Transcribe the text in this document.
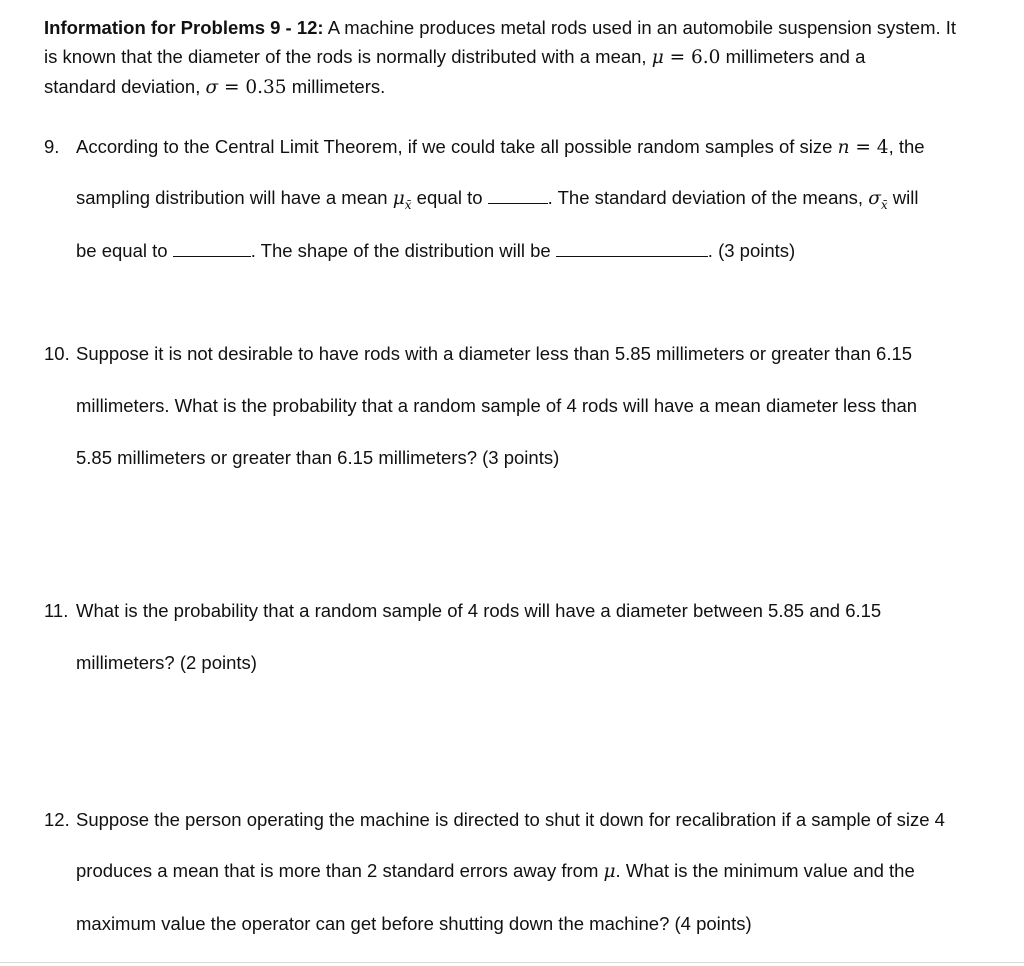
Information for Problems 9 - 12: A machine produces metal rods used in an automobile suspension system. It
is known that the diameter of the rods is normally distributed with a mean, μ = 6.0 millimeters and a
standard deviation, σ = 0.35 millimeters.
9. According to the Central Limit Theorem, if we could take all possible random samples of size n = 4, the
sampling distribution will have a mean $\mu_{x̄}$ equal to	. The standard deviation of the means, $\sigma_{x̄}$ will
be equal to	. The shape of the distribution will be	. (3 points)
10. Suppose it is not desirable to have rods with a diameter less than 5.85 millimeters or greater than 6.15
millimeters. What is the probability that a random sample of 4 rods will have a mean diameter less than
5.85 millimeters or greater than 6.15 millimeters? (3 points)
11. What is the probability that a random sample of 4 rods will have a diameter between 5.85 and 6.15
millimeters? (2 points)
12. Suppose the person operating the machine is directed to shut it down for recalibration if a sample of size 4
produces a mean that is more than 2 standard errors away from μ. What is the minimum value and the
maximum value the operator can get before shutting down the machine? (4 points)
